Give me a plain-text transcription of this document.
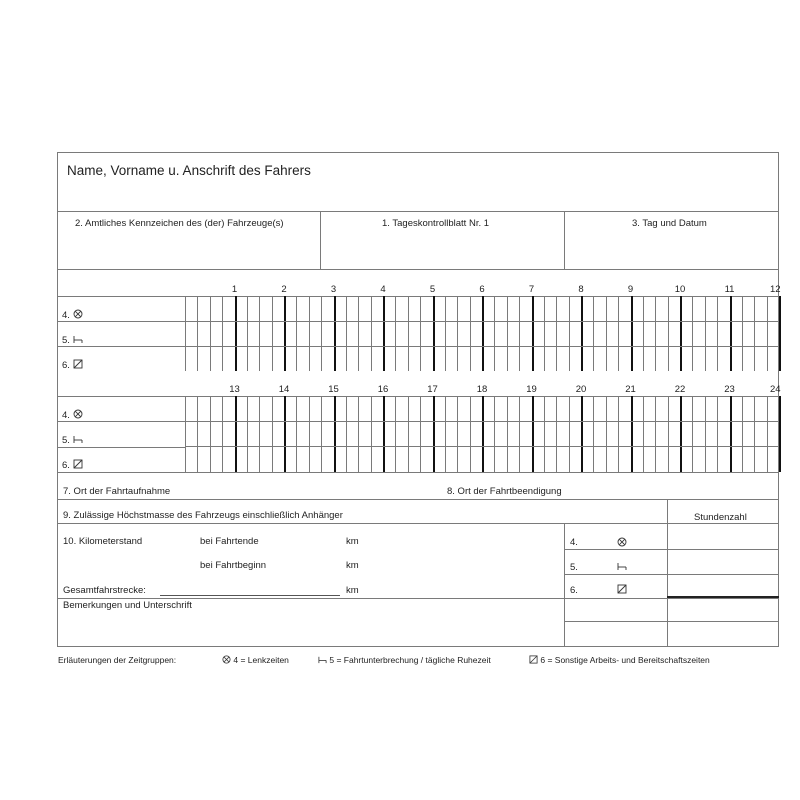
Name, Vorname u. Anschrift des Fahrers
2. Amtliches Kennzeichen des (der) Fahrzeuge(s)	1. Tageskontrollblatt Nr. 1	3. Tag und Datum
1	2	3	4	5	6	7	8	9	10	11	12
4.
5.
6.
13	14	15	16	17	18	19	20	21	22	23	24
4.
5.
6.
7. Ort der Fahrtaufnahme	8. Ort der Fahrtbeendigung
9. Zulässige Höchstmasse des Fahrzeugs einschließlich Anhänger	Stundenzahl
10. Kilometerstand	bei Fahrtende	km
bei Fahrtbeginn	km
Gesamtfahrstrecke:	km
Bemerkungen und Unterschrift
4.
5.
6.
Erläuterungen der Zeitgruppen:	4 = Lenkzeiten	5 = Fahrtunterbrechung / tägliche Ruhezeit	6 = Sonstige Arbeits- und Bereitschaftszeiten
